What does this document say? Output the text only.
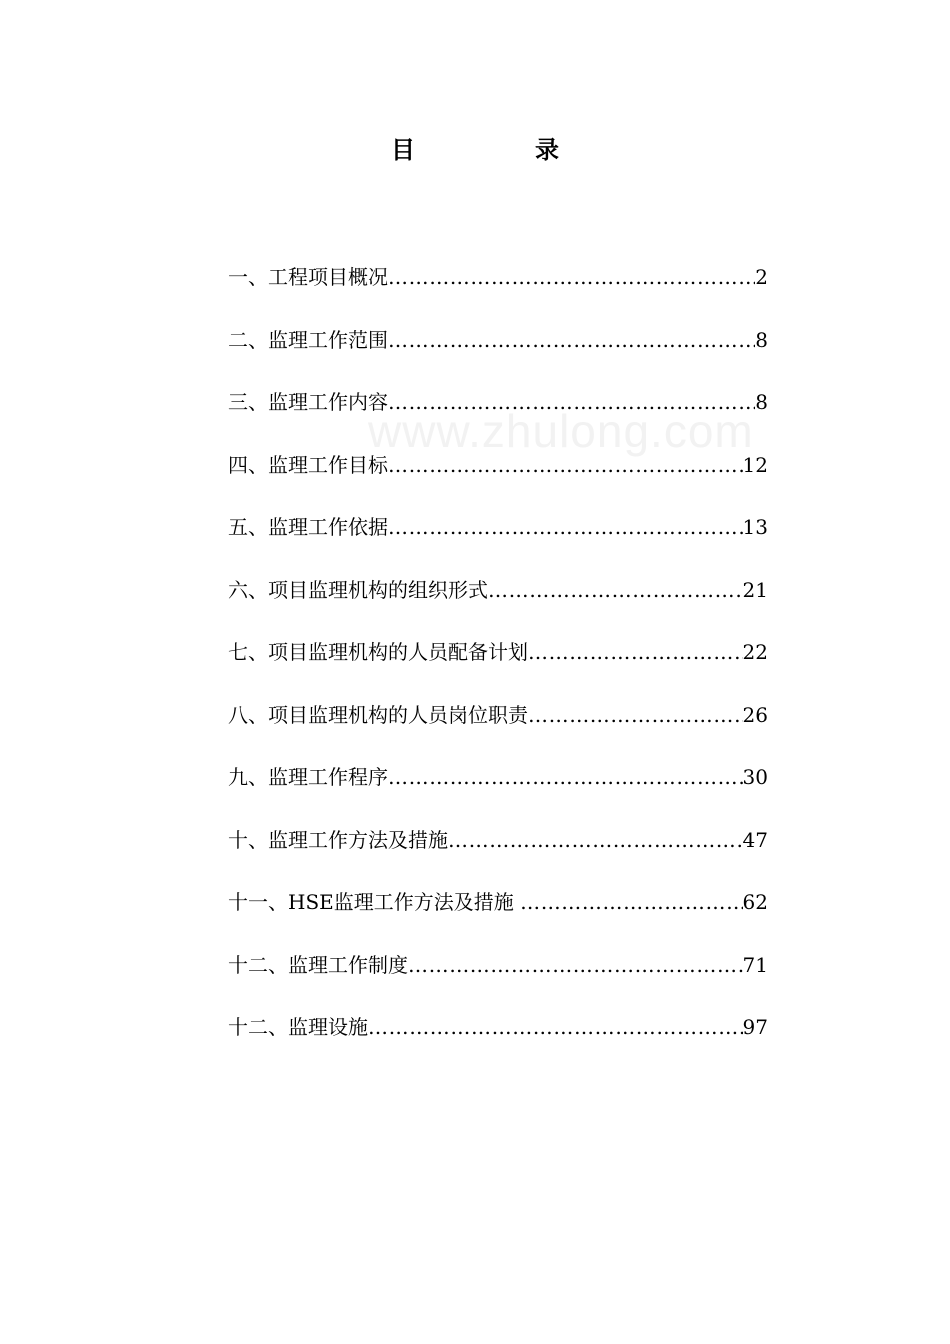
www.zhulong.com
目　录
一、工程项目概况 …………………………………………………………………………………………………………	2
二、监理工作范围 …………………………………………………………………………………………………………	8
三、监理工作内容 …………………………………………………………………………………………………………	8
四、监理工作目标 …………………………………………………………………………………………………………	12
五、监理工作依据 …………………………………………………………………………………………………………	13
六、项目监理机构的组织形式 …………………………………………………………………………………………………………	21
七、项目监理机构的人员配备计划 …………………………………………………………………………………………………………	22
八、项目监理机构的人员岗位职责 …………………………………………………………………………………………………………	26
九、监理工作程序 …………………………………………………………………………………………………………	30
十、监理工作方法及措施 …………………………………………………………………………………………………………	47
十一、HSE监理工作方法及措施 …………………………………………………………………………………………………………	62
十二、监理工作制度 …………………………………………………………………………………………………………	71
十二、监理设施 …………………………………………………………………………………………………………	97
